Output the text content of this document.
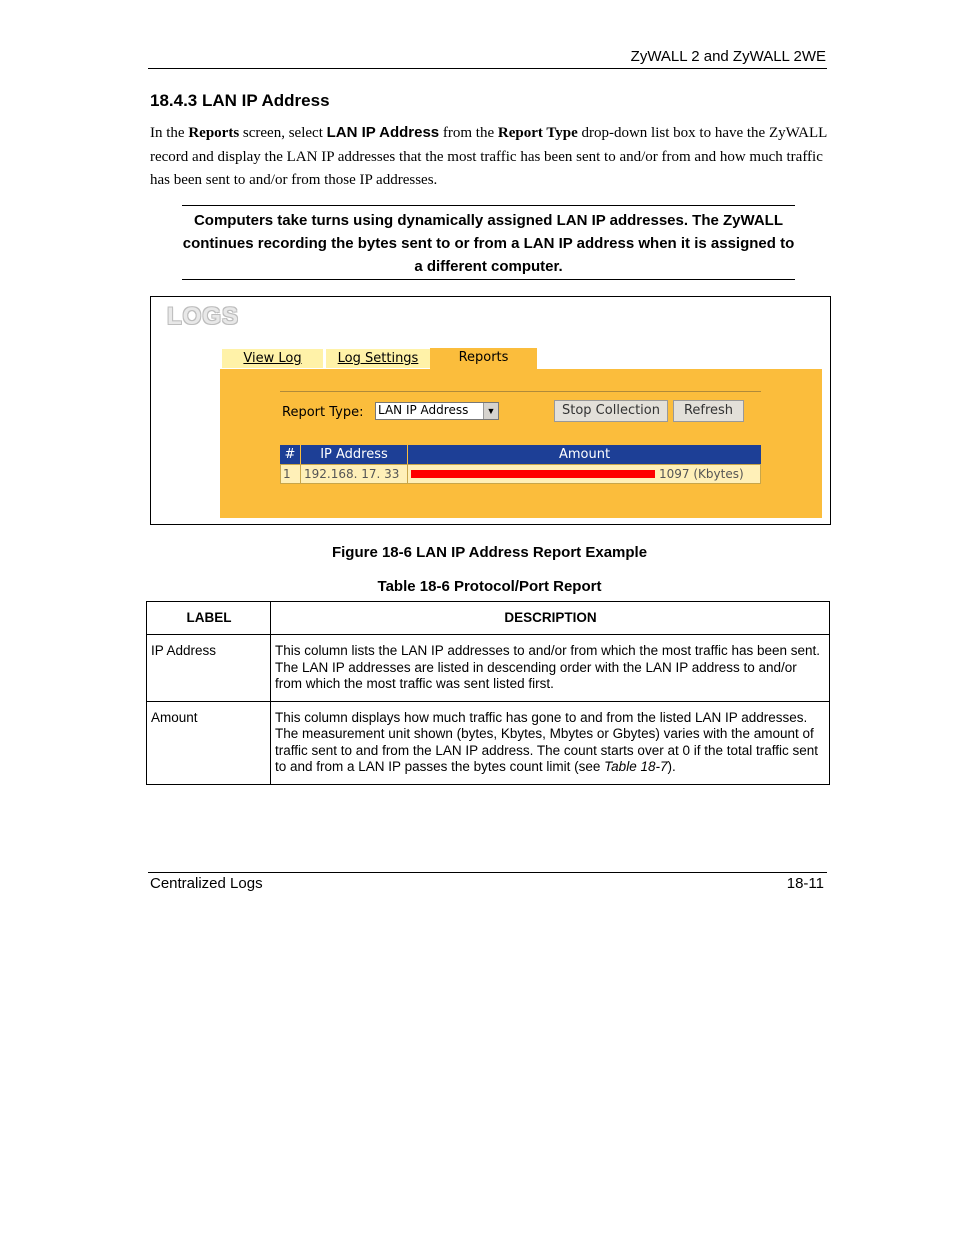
ZyWALL 2 and ZyWALL 2WE
18.4.3 LAN IP Address
In the Reports screen, select LAN IP Address from the Report Type drop-down list box to have the ZyWALL record and display the LAN IP addresses that the most traffic has been sent to and/or from and how much traffic has been sent to and/or from those IP addresses.
Computers take turns using dynamically assigned LAN IP addresses. The ZyWALL continues recording the bytes sent to or from a LAN IP address when it is assigned to a different computer.
LOGS
View Log	Log Settings	Reports
Report Type: LAN IP Address	▼	Stop Collection	Refresh
#	IP Address	Amount
1 192.168. 17. 33	1097 (Kbytes)
Figure 18-6 LAN IP Address Report Example
Table 18-6 Protocol/Port Report
LABEL	DESCRIPTION
IP Address	This column lists the LAN IP addresses to and/or from which the most traffic has been sent. The LAN IP addresses are listed in descending order with the LAN IP address to and/or from which the most traffic was sent listed first.
Amount	This column displays how much traffic has gone to and from the listed LAN IP addresses. The measurement unit shown (bytes, Kbytes, Mbytes or Gbytes) varies with the amount of traffic sent to and from the LAN IP address. The count starts over at 0 if the total traffic sent to and from a LAN IP passes the bytes count limit (see Table 18-7).
Centralized Logs	18-11
